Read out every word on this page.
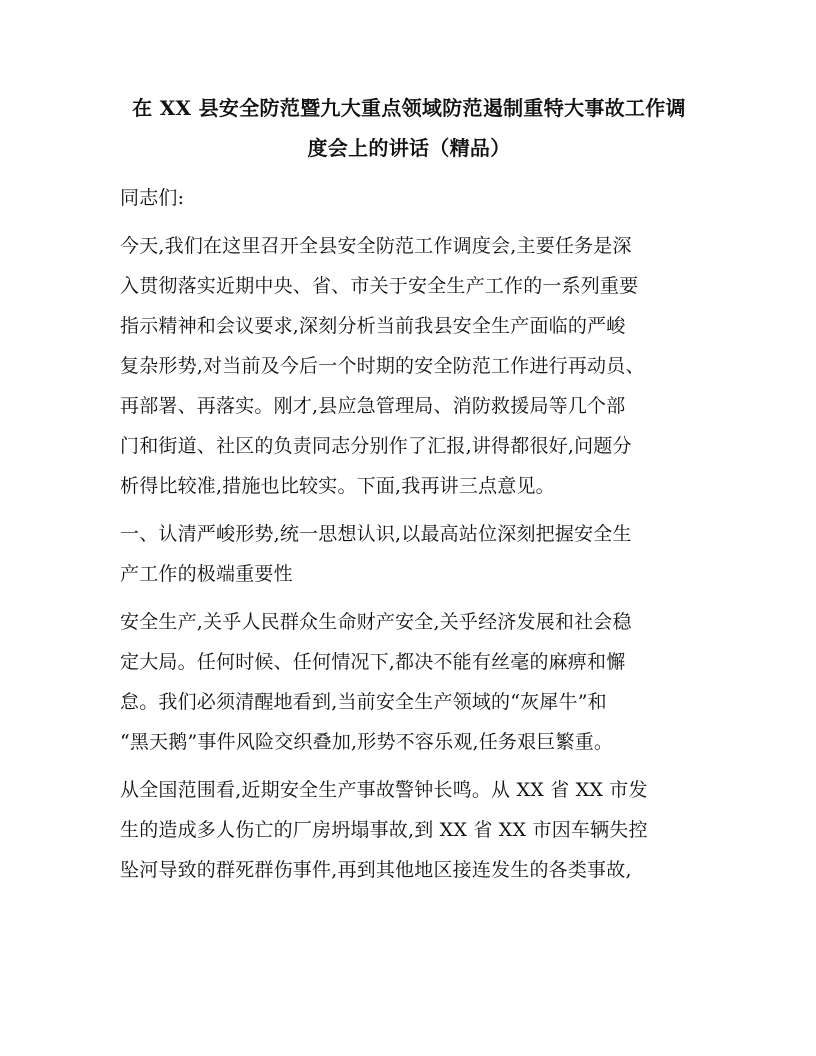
在 XX 县安全防范暨九大重点领域防范遏制重特大事故工作调
度会上的讲话（精品）

同志们:

今天,我们在这里召开全县安全防范工作调度会,主要任务是深
入贯彻落实近期中央、省、市关于安全生产工作的一系列重要
指示精神和会议要求,深刻分析当前我县安全生产面临的严峻
复杂形势,对当前及今后一个时期的安全防范工作进行再动员、
再部署、再落实。刚才,县应急管理局、消防救援局等几个部
门和街道、社区的负责同志分别作了汇报,讲得都很好,问题分
析得比较准,措施也比较实。下面,我再讲三点意见。

一、认清严峻形势,统一思想认识,以最高站位深刻把握安全生
产工作的极端重要性

安全生产,关乎人民群众生命财产安全,关乎经济发展和社会稳
定大局。任何时候、任何情况下,都决不能有丝毫的麻痹和懈
怠。我们必须清醒地看到,当前安全生产领域的“灰犀牛”和
“黑天鹅”事件风险交织叠加,形势不容乐观,任务艰巨繁重。

从全国范围看,近期安全生产事故警钟长鸣。从 XX 省 XX 市发
生的造成多人伤亡的厂房坍塌事故,到 XX 省 XX 市因车辆失控
坠河导致的群死群伤事件,再到其他地区接连发生的各类事故,
